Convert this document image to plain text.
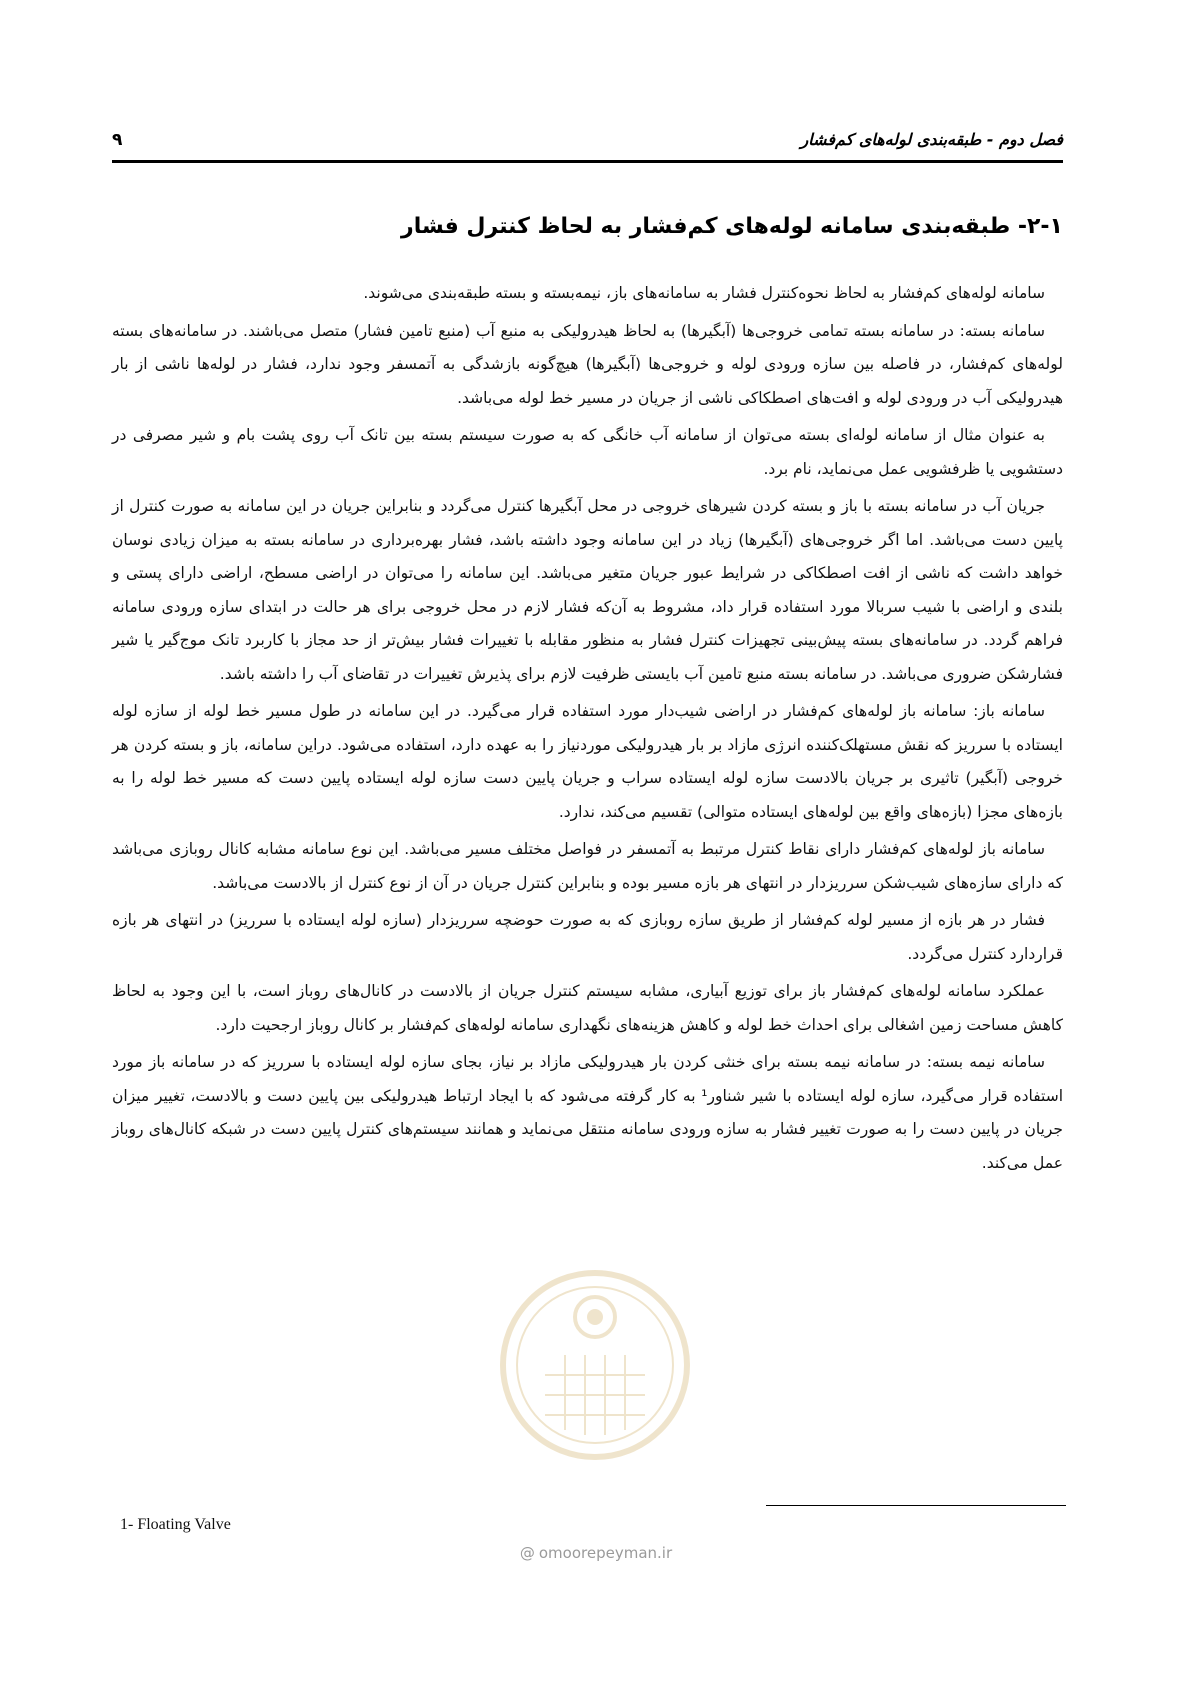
فصل دوم - طبقه‌بندی لوله‌های کم‌فشار
۹
۲-۱- طبقه‌بندی سامانه لوله‌های کم‌فشار به لحاظ کنترل فشار

سامانه لوله‌های کم‌فشار به لحاظ نحوه‌کنترل فشار به سامانه‌های باز، نیمه‌بسته و بسته طبقه‌بندی می‌شوند.

سامانه بسته: در سامانه بسته تمامی خروجی‌ها (آبگیرها) به لحاظ هیدرولیکی به منبع آب (منبع تامین فشار) متصل می‌باشند. در سامانه‌های بسته لوله‌های کم‌فشار، در فاصله بین سازه ورودی لوله و خروجی‌ها (آبگیرها) هیچ‌گونه بازشدگی به آتمسفر وجود ندارد، فشار در لوله‌ها ناشی از بار هیدرولیکی آب در ورودی لوله و افت‌های اصطکاکی ناشی از جریان در مسیر خط لوله می‌باشد.

به عنوان مثال از سامانه لوله‌ای بسته می‌توان از سامانه آب خانگی که به صورت سیستم بسته بین تانک آب روی پشت بام و شیر مصرفی در دستشویی یا ظرفشویی عمل می‌نماید، نام برد.

جریان آب در سامانه بسته با باز و بسته کردن شیرهای خروجی در محل آبگیرها کنترل می‌گردد و بنابراین جریان در این سامانه به صورت کنترل از پایین دست می‌باشد. اما اگر خروجی‌های (آبگیرها) زیاد در این سامانه وجود داشته باشد، فشار بهره‌برداری در سامانه بسته به میزان زیادی نوسان خواهد داشت که ناشی از افت اصطکاکی در شرایط عبور جریان متغیر می‌باشد. این سامانه را می‌توان در اراضی مسطح، اراضی دارای پستی و بلندی و اراضی با شیب سربالا مورد استفاده قرار داد، مشروط به آن‌که فشار لازم در محل خروجی برای هر حالت در ابتدای سازه ورودی سامانه فراهم گردد. در سامانه‌های بسته پیش‌بینی تجهیزات کنترل فشار به منظور مقابله با تغییرات فشار بیش‌تر از حد مجاز با کاربرد تانک موج‌گیر یا شیر فشارشکن ضروری می‌باشد. در سامانه بسته منبع تامین آب بایستی ظرفیت لازم برای پذیرش تغییرات در تقاضای آب را داشته باشد.

سامانه باز: سامانه باز لوله‌های کم‌فشار در اراضی شیب‌دار مورد استفاده قرار می‌گیرد. در این سامانه در طول مسیر خط لوله از سازه لوله ایستاده با سرریز که نقش مستهلک‌کننده انرژی مازاد بر بار هیدرولیکی موردنیاز را به عهده دارد، استفاده می‌شود. دراین سامانه، باز و بسته کردن هر خروجی (آبگیر) تاثیری بر جریان بالادست سازه لوله ایستاده سراب و جریان پایین دست سازه لوله ایستاده پایین دست که مسیر خط لوله را به بازه‌های مجزا (بازه‌های واقع بین لوله‌های ایستاده متوالی) تقسیم می‌کند، ندارد.

سامانه باز لوله‌های کم‌فشار دارای نقاط کنترل مرتبط به آتمسفر در فواصل مختلف مسیر می‌باشد. این نوع سامانه مشابه کانال روبازی می‌باشد که دارای سازه‌های شیب‌شکن سرریزدار در انتهای هر بازه مسیر بوده و بنابراین کنترل جریان در آن از نوع کنترل از بالادست می‌باشد.

فشار در هر بازه از مسیر لوله کم‌فشار از طریق سازه روبازی که به صورت حوضچه سرریزدار (سازه لوله ایستاده با سرریز) در انتهای هر بازه قراردارد کنترل می‌گردد.

عملکرد سامانه لوله‌های کم‌فشار باز برای توزیع آبیاری، مشابه سیستم کنترل جریان از بالادست در کانال‌های روباز است، با این وجود به لحاظ کاهش مساحت زمین اشغالی برای احداث خط لوله و کاهش هزینه‌های نگهداری سامانه لوله‌های کم‌فشار بر کانال روباز ارجحیت دارد.

سامانه نیمه بسته: در سامانه نیمه بسته برای خنثی کردن بار هیدرولیکی مازاد بر نیاز، بجای سازه لوله ایستاده با سرریز که در سامانه باز مورد استفاده قرار می‌گیرد، سازه لوله ایستاده با شیر شناور¹ به کار گرفته می‌شود که با ایجاد ارتباط هیدرولیکی بین پایین دست و بالادست، تغییر میزان جریان در پایین دست را به صورت تغییر فشار به سازه ورودی سامانه منتقل می‌نماید و همانند سیستم‌های کنترل پایین دست در شبکه کانال‌های روباز عمل می‌کند.

@ omoorepeyman.ir
1- Floating Valve
